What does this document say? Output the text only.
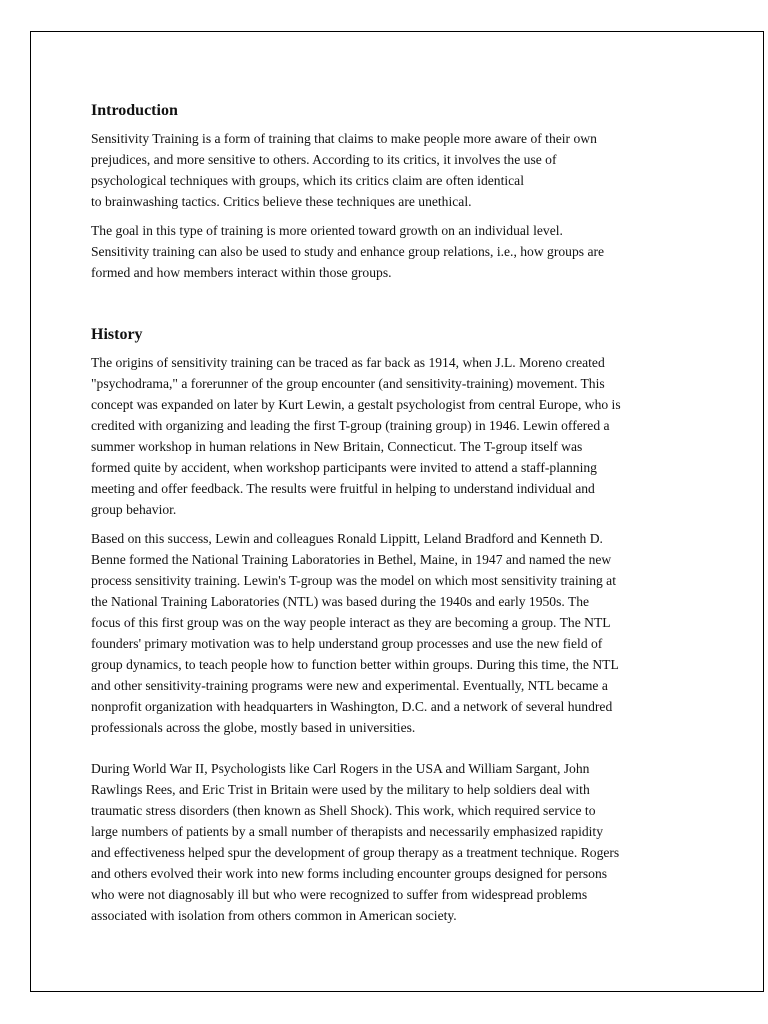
Introduction

Sensitivity Training is a form of training that claims to make people more aware of their own
prejudices, and more sensitive to others. According to its critics, it involves the use of
psychological techniques with groups, which its critics claim are often identical
to brainwashing tactics. Critics believe these techniques are unethical.

The goal in this type of training is more oriented toward growth on an individual level.
Sensitivity training can also be used to study and enhance group relations, i.e., how groups are
formed and how members interact within those groups.

History

The origins of sensitivity training can be traced as far back as 1914, when J.L. Moreno created
"psychodrama," a forerunner of the group encounter (and sensitivity-training) movement. This
concept was expanded on later by Kurt Lewin, a gestalt psychologist from central Europe, who is
credited with organizing and leading the first T-group (training group) in 1946. Lewin offered a
summer workshop in human relations in New Britain, Connecticut. The T-group itself was
formed quite by accident, when workshop participants were invited to attend a staff-planning
meeting and offer feedback. The results were fruitful in helping to understand individual and
group behavior.

Based on this success, Lewin and colleagues Ronald Lippitt, Leland Bradford and Kenneth D.
Benne formed the National Training Laboratories in Bethel, Maine, in 1947 and named the new
process sensitivity training. Lewin's T-group was the model on which most sensitivity training at
the National Training Laboratories (NTL) was based during the 1940s and early 1950s. The
focus of this first group was on the way people interact as they are becoming a group. The NTL
founders' primary motivation was to help understand group processes and use the new field of
group dynamics, to teach people how to function better within groups. During this time, the NTL
and other sensitivity-training programs were new and experimental. Eventually, NTL became a
nonprofit organization with headquarters in Washington, D.C. and a network of several hundred
professionals across the globe, mostly based in universities.

During World War II, Psychologists like Carl Rogers in the USA and William Sargant, John
Rawlings Rees, and Eric Trist in Britain were used by the military to help soldiers deal with
traumatic stress disorders (then known as Shell Shock). This work, which required service to
large numbers of patients by a small number of therapists and necessarily emphasized rapidity
and effectiveness helped spur the development of group therapy as a treatment technique. Rogers
and others evolved their work into new forms including encounter groups designed for persons
who were not diagnosably ill but who were recognized to suffer from widespread problems
associated with isolation from others common in American society.
